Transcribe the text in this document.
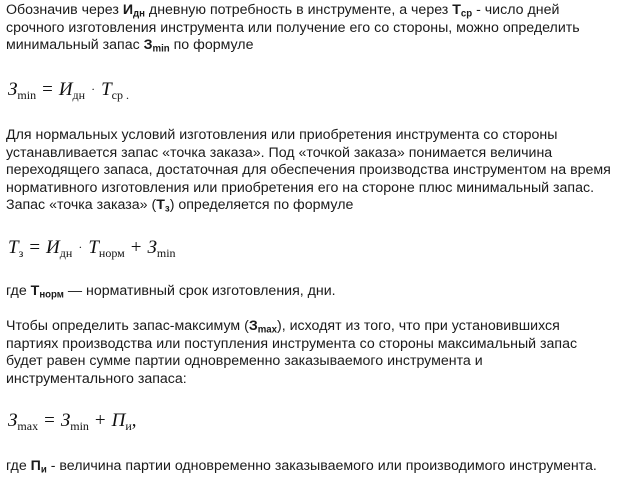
Обозначив через $И_{дн}$ дневную потребность в инструменте, а через $Т_{ср}$ - число дней
срочного изготовления инструмента или получение его со стороны, можно определить
минимальный запас $З_{min}$ по формуле
$З_{min} = И_{дн} \cdot Т_{ср}$ $_.$
Для нормальных условий изготовления или приобретения инструмента со стороны
устанавливается запас «точка заказа». Под «точкой заказа» понимается величина
переходящего запаса, достаточная для обеспечения производства инструментом на время
нормативного изготовления или приобретения его на стороне плюс минимальный запас.
Запас «точка заказа» $(Т_з)$ определяется по формуле
$Т_з = И_{дн} \cdot Т_{норм} + З_{min}$
где $Т_{норм}$ — нормативный срок изготовления, дни.
Чтобы определить запас-максимум $(З_{max})$, исходят из того, что при установившихся
партиях производства или поступления инструмента со стороны максимальный запас
будет равен сумме партии одновременно заказываемого инструмента и
инструментального запаса:
$З_{max} = З_{min} + П_и$,
где $П_и$ - величина партии одновременно заказываемого или производимого инструмента.
